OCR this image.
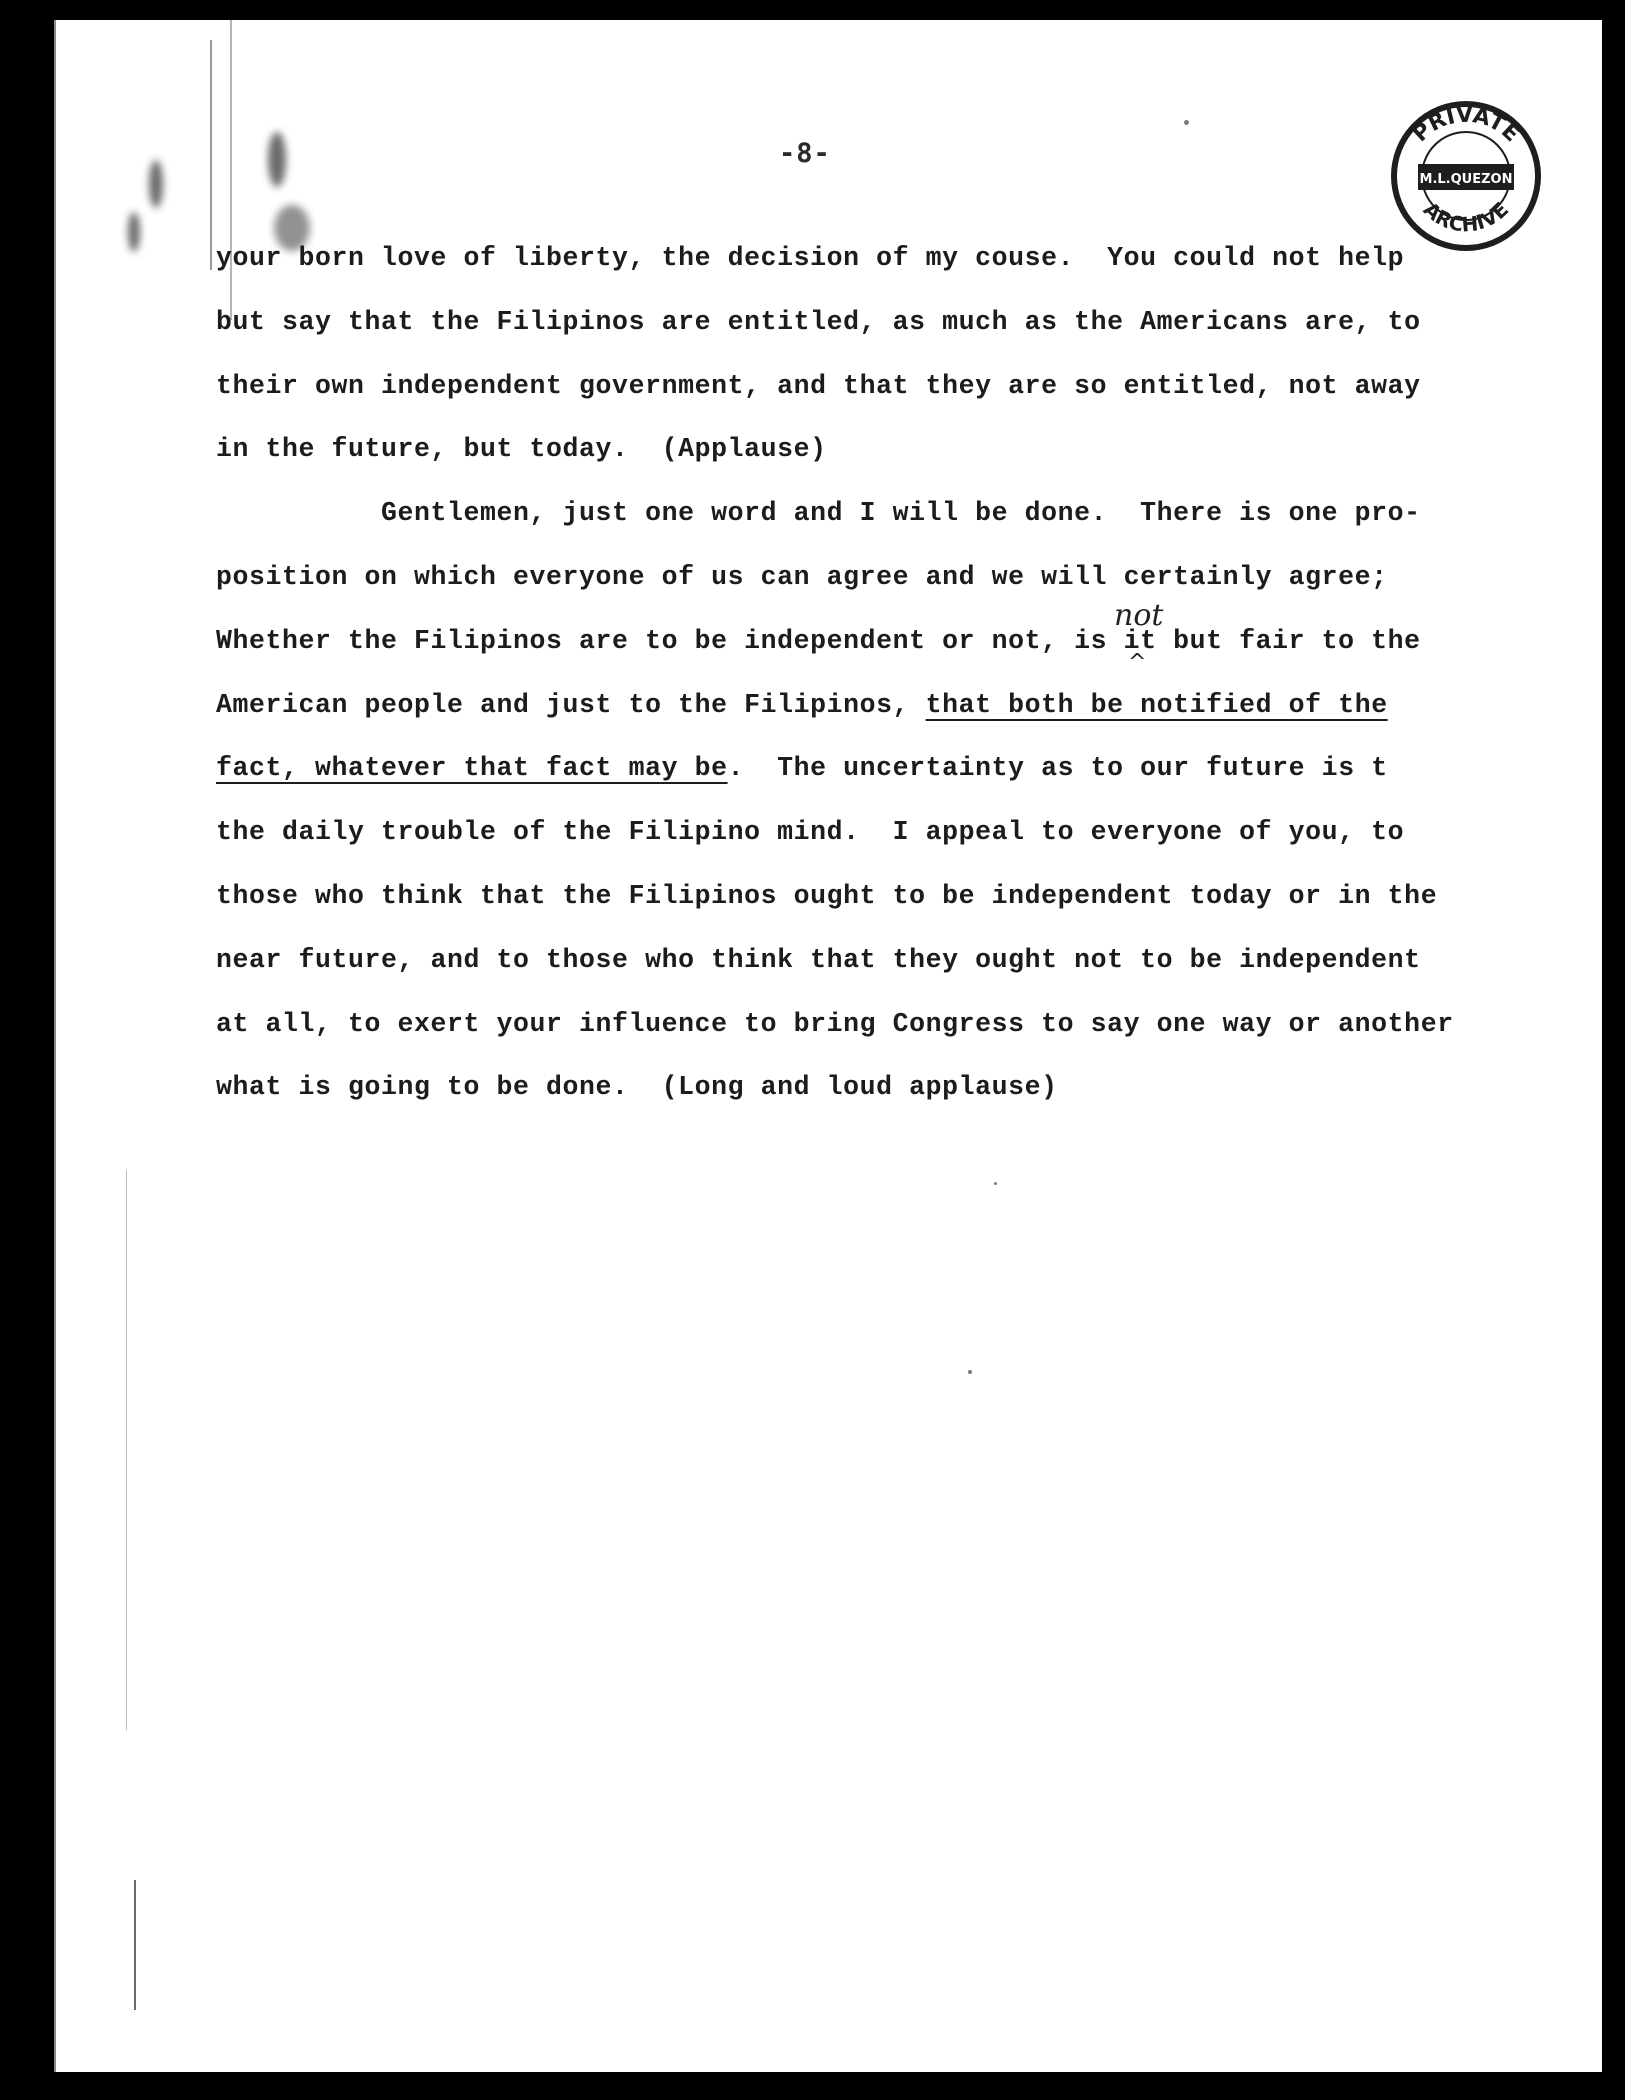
-8-
PRIVATE
M.L.QUEZON
ARCHIVE
your born love of liberty, the decision of my couse.  You could not help
but say that the Filipinos are entitled, as much as the Americans are, to
their own independent government, and that they are so entitled, not away
in the future, but today.  (Applause)
Gentlemen, just one word and I will be done.  There is one pro-
position on which everyone of us can agree and we will certainly agree;
Whether the Filipinos are to be independent or not, is it but fair to the
American people and just to the Filipinos, that both be notified of the
fact, whatever that fact may be.  The uncertainty as to our future is t
the daily trouble of the Filipino mind.  I appeal to everyone of you, to
those who think that the Filipinos ought to be independent today or in the
near future, and to those who think that they ought not to be independent
at all, to exert your influence to bring Congress to say one way or another
what is going to be done.  (Long and loud applause)
not
^
